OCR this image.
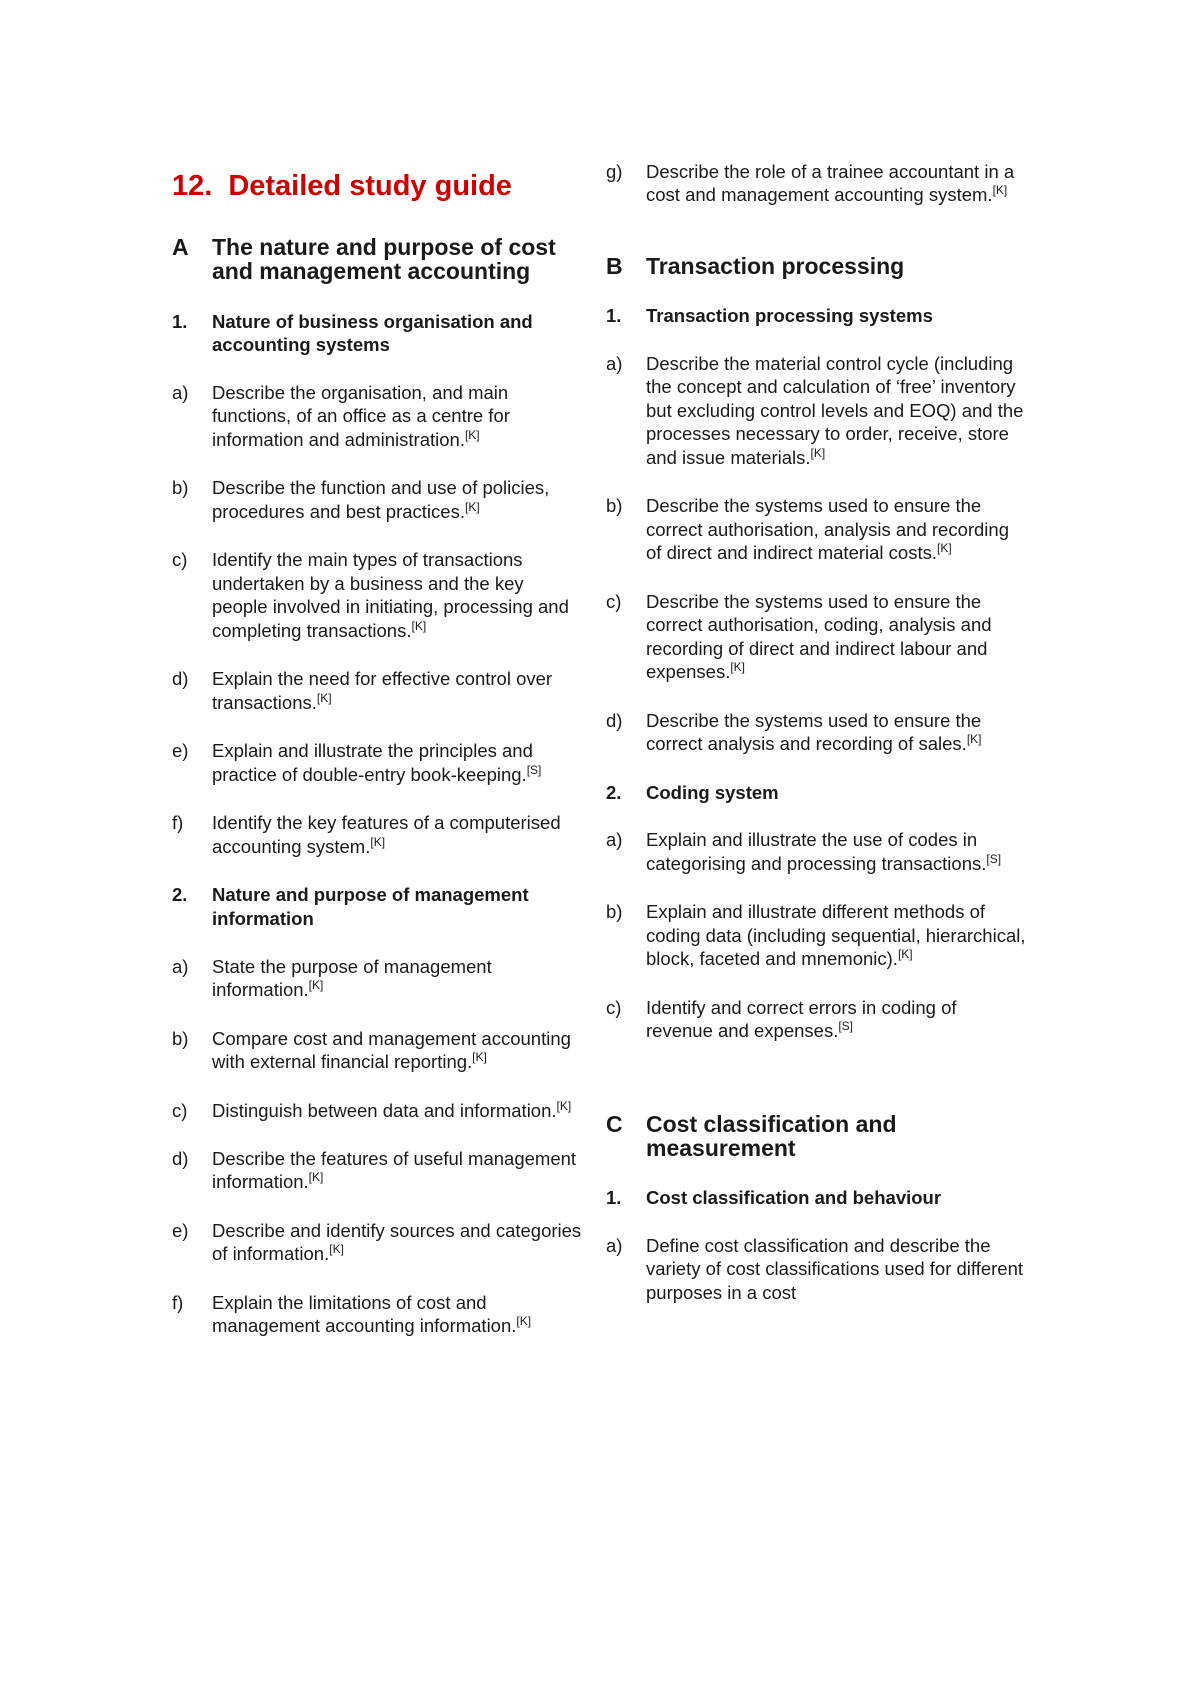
12. Detailed study guide
A	The nature and purpose of cost and management accounting
1.	Nature of business organisation and accounting systems
a)	Describe the organisation, and main functions, of an office as a centre for information and administration.[K]
b)	Describe the function and use of policies, procedures and best practices.[K]
c)	Identify the main types of transactions undertaken by a business and the key people involved in initiating, processing and completing transactions.[K]
d)	Explain the need for effective control over transactions.[K]
e)	Explain and illustrate the principles and practice of double-entry book-keeping.[S]
f)	Identify the key features of a computerised accounting system.[K]
2.	Nature and purpose of management information
a)	State the purpose of management information.[K]
b)	Compare cost and management accounting with external financial reporting.[K]
c)	Distinguish between data and information.[K]
d)	Describe the features of useful management information.[K]
e)	Describe and identify sources and categories of information.[K]
f)	Explain the limitations of cost and management accounting information.[K]
g)	Describe the role of a trainee accountant in a cost and management accounting system.[K]
B	Transaction processing
1.	Transaction processing systems
a)	Describe the material control cycle (including the concept and calculation of ‘free’ inventory but excluding control levels and EOQ) and the processes necessary to order, receive, store and issue materials.[K]
b)	Describe the systems used to ensure the correct authorisation, analysis and recording of direct and indirect material costs.[K]
c)	Describe the systems used to ensure the correct authorisation, coding, analysis and recording of direct and indirect labour and expenses.[K]
d)	Describe the systems used to ensure the correct analysis and recording of sales.[K]
2.	Coding system
a)	Explain and illustrate the use of codes in categorising and processing transactions.[S]
b)	Explain and illustrate different methods of coding data (including sequential, hierarchical, block, faceted and mnemonic).[K]
c)	Identify and correct errors in coding of revenue and expenses.[S]
C	Cost classification and measurement
1.	Cost classification and behaviour
a)	Define cost classification and describe the variety of cost classifications used for different purposes in a cost
